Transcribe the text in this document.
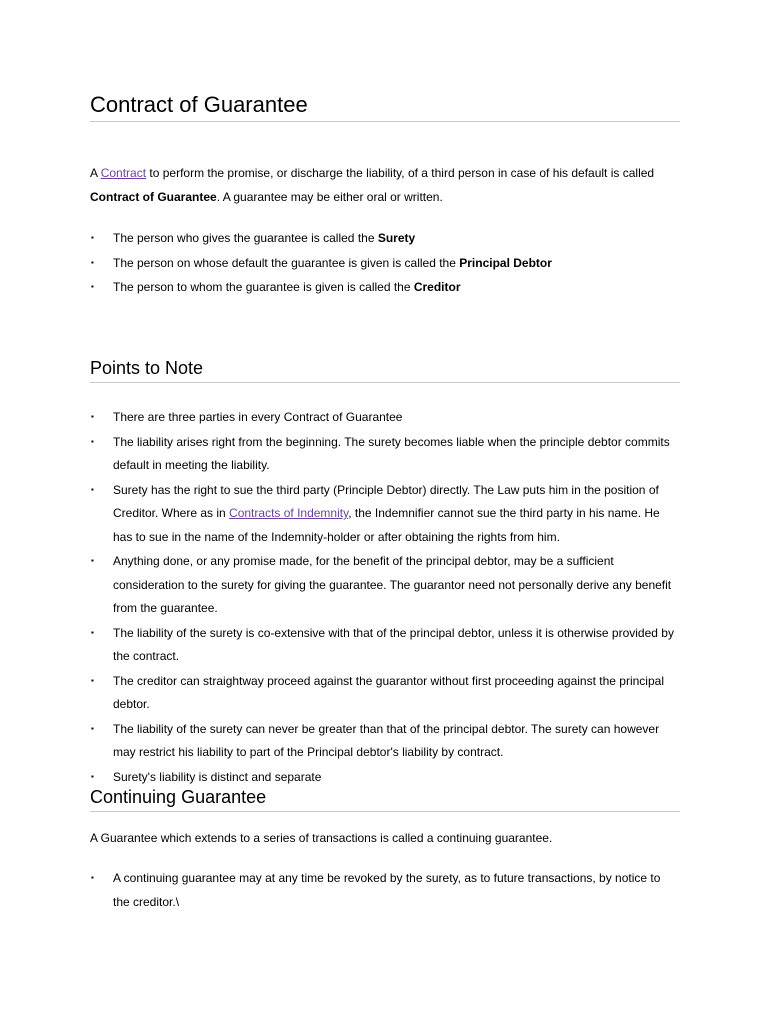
Contract of Guarantee

A Contract to perform the promise, or discharge the liability, of a third person in case of his default is called Contract of Guarantee. A guarantee may be either oral or written.

▪ The person who gives the guarantee is called the Surety
▪ The person on whose default the guarantee is given is called the Principal Debtor
▪ The person to whom the guarantee is given is called the Creditor
Points to Note
▪ There are three parties in every Contract of Guarantee
▪ The liability arises right from the beginning. The surety becomes liable when the principle debtor commits default in meeting the liability.
▪ Surety has the right to sue the third party (Principle Debtor) directly. The Law puts him in the position of Creditor. Where as in Contracts of Indemnity, the Indemnifier cannot sue the third party in his name. He has to sue in the name of the Indemnity-holder or after obtaining the rights from him.
▪ Anything done, or any promise made, for the benefit of the principal debtor, may be a sufficient consideration to the surety for giving the guarantee. The guarantor need not personally derive any benefit from the guarantee.
▪ The liability of the surety is co-extensive with that of the principal debtor, unless it is otherwise provided by the contract.
▪ The creditor can straightway proceed against the guarantor without first proceeding against the principal debtor.
▪ The liability of the surety can never be greater than that of the principal debtor. The surety can however may restrict his liability to part of the Principal debtor's liability by contract.
▪ Surety's liability is distinct and separate
Continuing Guarantee

A Guarantee which extends to a series of transactions is called a continuing guarantee.

▪ A continuing guarantee may at any time be revoked by the surety, as to future transactions, by notice to the creditor.\
